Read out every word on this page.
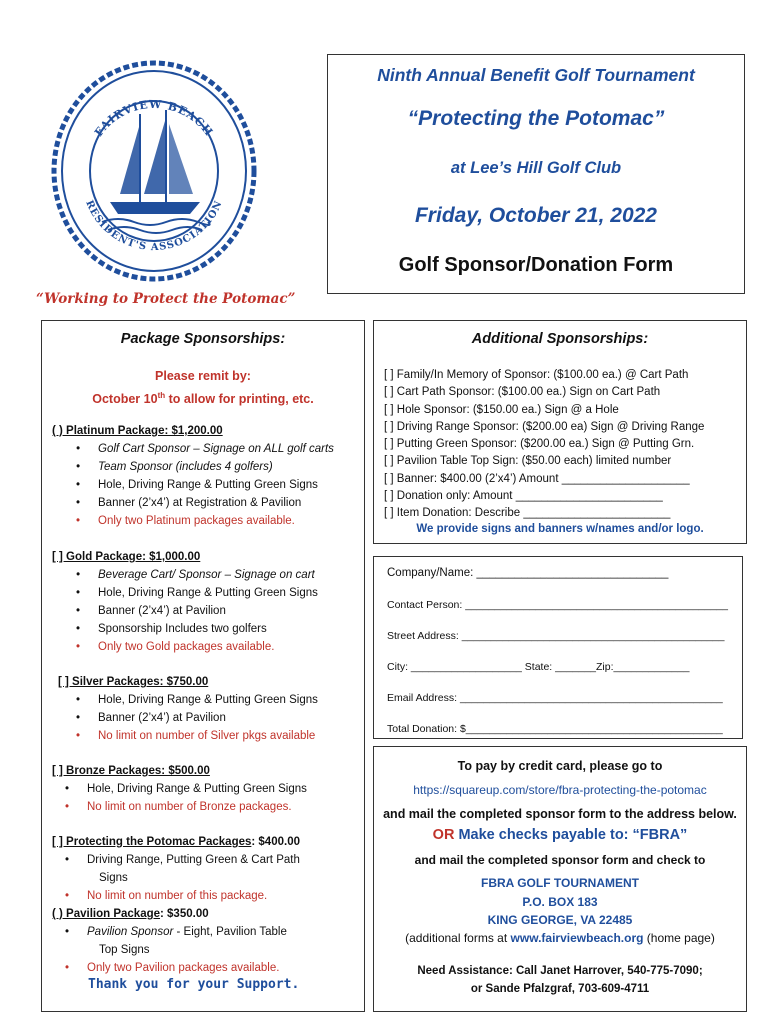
FAIRVIEW BEACH
RESIDENT'S ASSOCIATION
“Working to Protect the Potomac”
Ninth Annual Benefit Golf Tournament
“Protecting the Potomac”
at Lee’s Hill Golf Club
Friday, October 21, 2022
Golf Sponsor/Donation Form
Package Sponsorships:
Please remit by:
October 10th to allow for printing, etc.
( ) Platinum Package: $1,200.00
• Golf Cart Sponsor – Signage on ALL golf carts
• Team Sponsor (includes 4 golfers)
• Hole, Driving Range & Putting Green Signs
• Banner (2’x4’) at Registration & Pavilion
• Only two Platinum packages available.
[ ] Gold Package: $1,000.00
• Beverage Cart/ Sponsor – Signage on cart
• Hole, Driving Range & Putting Green Signs
• Banner (2’x4’) at Pavilion
• Sponsorship Includes two golfers
• Only two Gold packages available.
[ ] Silver Packages: $750.00
• Hole, Driving Range & Putting Green Signs
• Banner (2’x4’) at Pavilion
• No limit on number of Silver pkgs available
[ ] Bronze Packages: $500.00
• Hole, Driving Range & Putting Green Signs
• No limit on number of Bronze packages.
[ ] Protecting the Potomac Packages: $400.00
• Driving Range, Putting Green & Cart Path
Signs
• No limit on number of this package.
( ) Pavilion Package: $350.00
• Pavilion Sponsor - Eight, Pavilion Table
Top Signs
• Only two Pavilion packages available.
Thank you for your Support.
Additional Sponsorships:
[ ] Family/In Memory of Sponsor: ($100.00 ea.) @ Cart Path
[ ] Cart Path Sponsor: ($100.00 ea.) Sign on Cart Path
[ ] Hole Sponsor: ($150.00 ea.) Sign @ a Hole
[ ] Driving Range Sponsor: ($200.00 ea) Sign @ Driving Range
[ ] Putting Green Sponsor: ($200.00 ea.) Sign @ Putting Grn.
[ ] Pavilion Table Top Sign: ($50.00 each) limited number
[ ] Banner: $400.00 (2’x4’) Amount ____________________
[ ] Donation only: Amount _______________________
[ ] Item Donation: Describe _______________________
We provide signs and banners w/names and/or logo.
Company/Name: ______________________________
Contact Person: _____________________________________________
Street Address: _____________________________________________
City: ___________________ State: _______Zip:_____________
Email Address: _____________________________________________
Total Donation: $____________________________________________
To pay by credit card, please go to
https://squareup.com/store/fbra-protecting-the-potomac
and mail the completed sponsor form to the address below.
OR Make checks payable to: “FBRA”
and mail the completed sponsor form and check to
FBRA GOLF TOURNAMENT
P.O. BOX 183
KING GEORGE, VA 22485
(additional forms at www.fairviewbeach.org (home page)
Need Assistance: Call Janet Harrover, 540-775-7090;
or Sande Pfalzgraf, 703-609-4711
